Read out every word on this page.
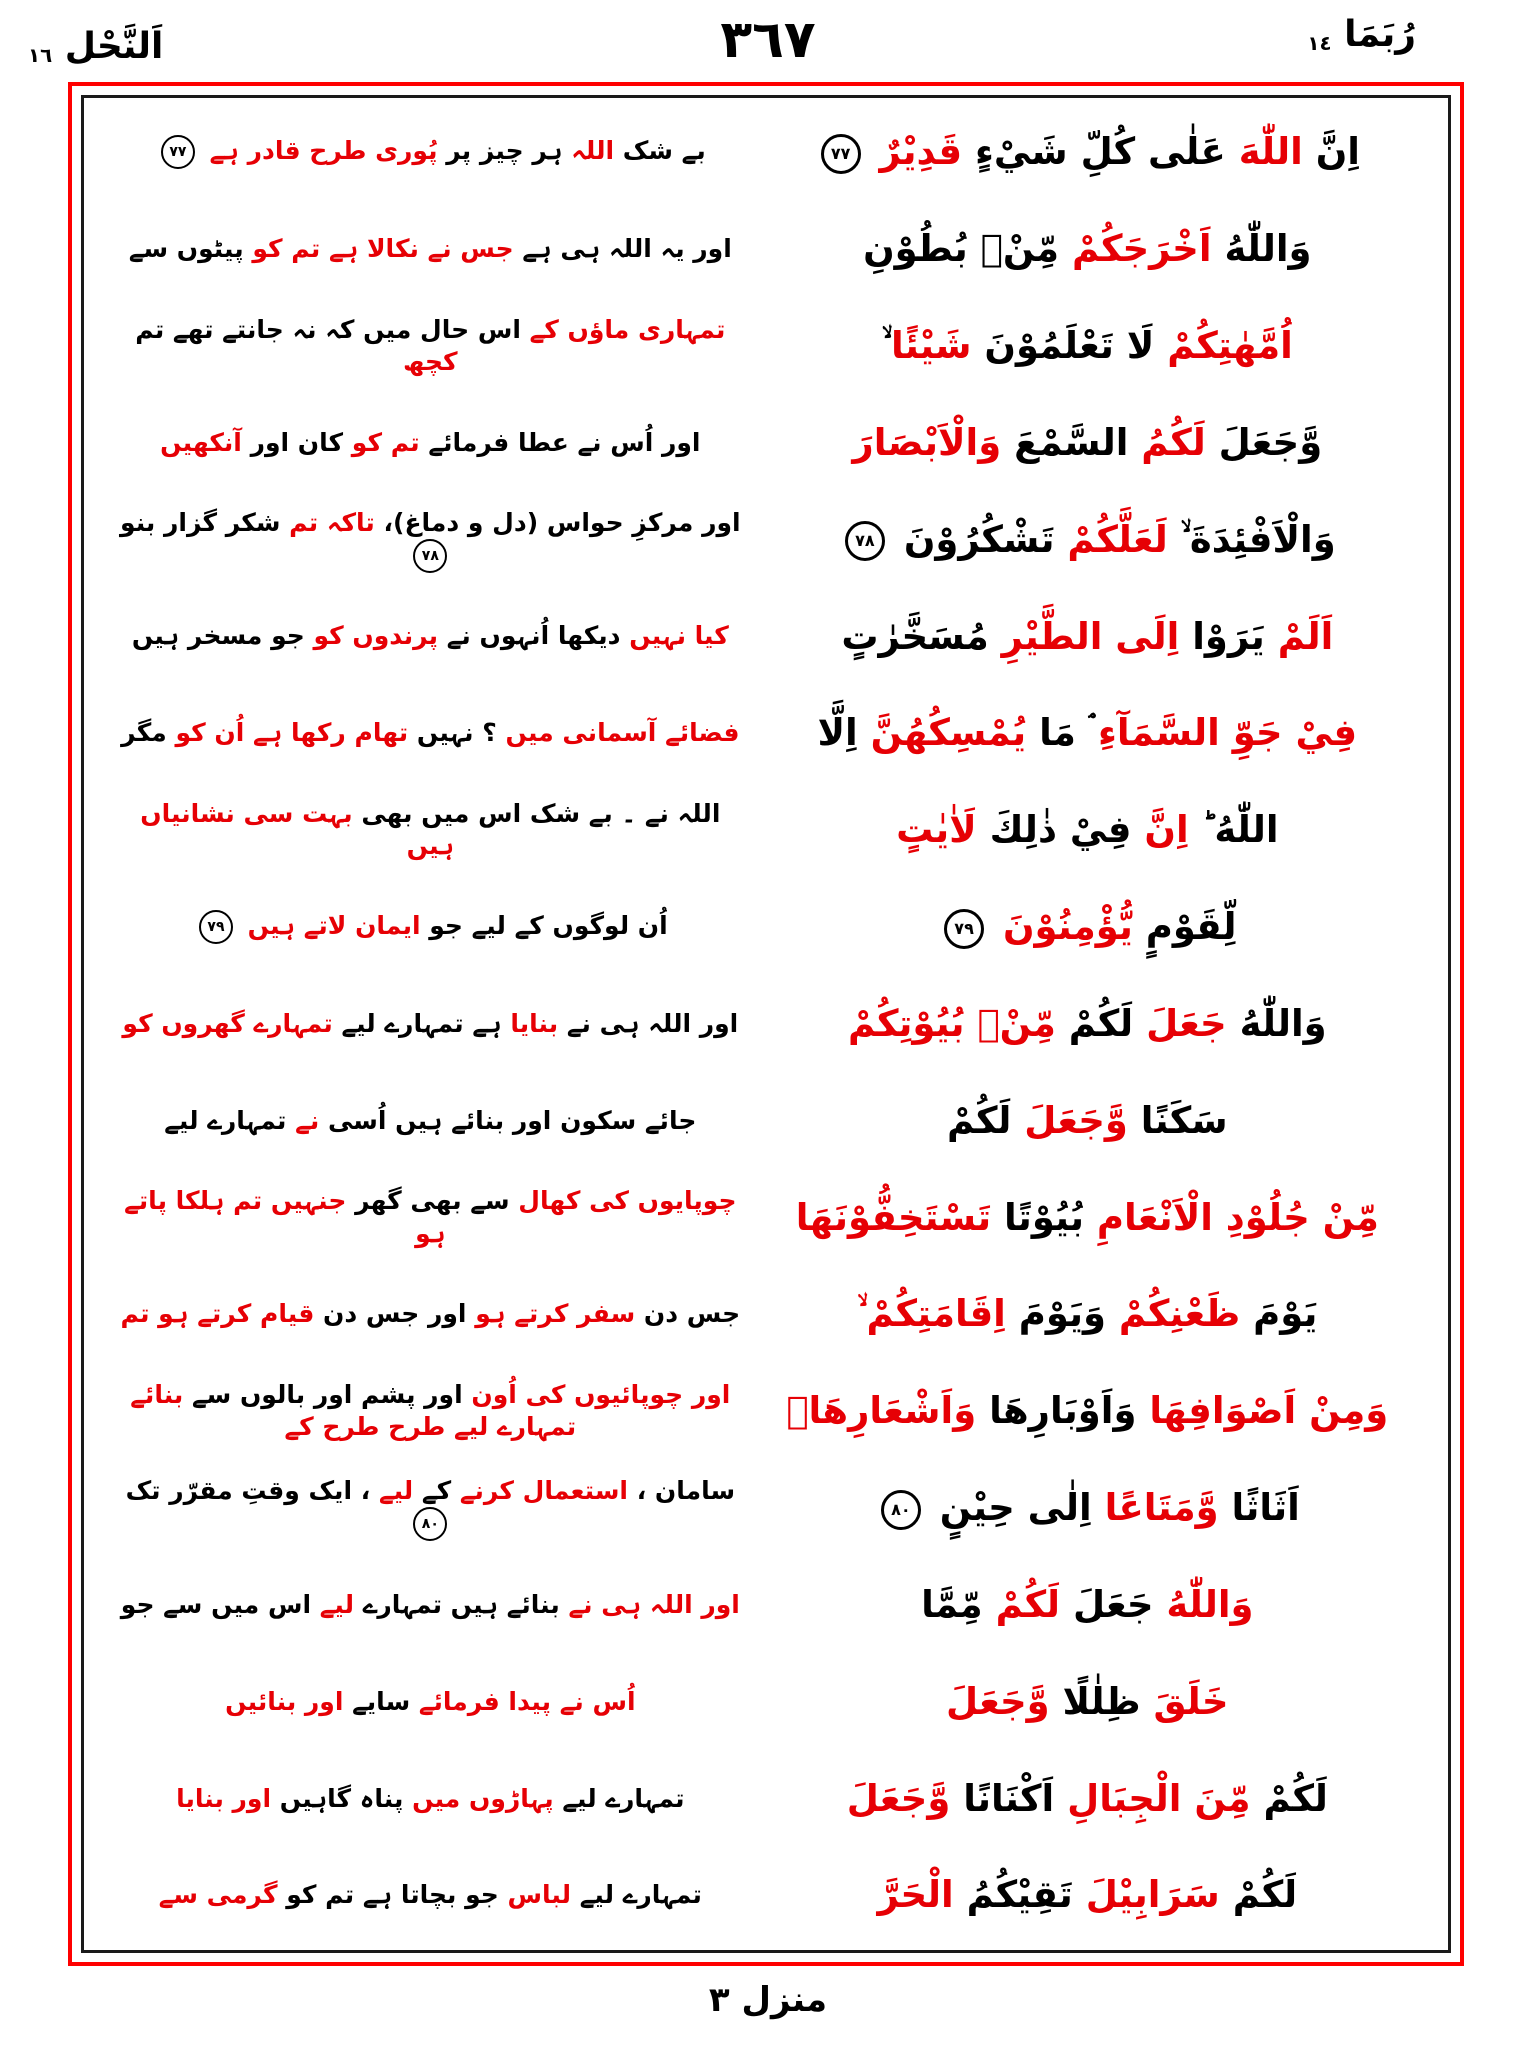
اَلنَّحْل ١٦	٣٦٧	رُبَمَا ١٤
اِنَّ اللّٰهَ عَلٰى كُلِّ شَيْءٍ قَدِيْرٌ ٧٧
بے شک اللہ ہر چیز پر پُوری طرح قادر ہے ٧٧
وَاللّٰهُ اَخْرَجَكُمْ مِّنْۢ بُطُوْنِ
اور یہ اللہ ہی ہے جس نے نکالا ہے تم کو پیٹوں سے
اُمَّهٰتِكُمْ لَا تَعْلَمُوْنَ شَيْئًا
تمہاری ماؤں کے اس حال میں کہ نہ جانتے تھے تم کچھ
وَّجَعَلَ لَكُمُ السَّمْعَ وَالْاَبْصَارَ
اور اُس نے عطا فرمائے تم کو کان اور آنکھیں
وَالْاَفْئِدَةَ ۙ لَعَلَّكُمْ تَشْكُرُوْنَ ٧٨
اور مرکزِ حواس (دل و دماغ)، تاکہ تم شکر گزار بنو ٧٨
اَلَمْ يَرَوْا اِلَى الطَّيْرِ مُسَخَّرٰتٍ
کیا نہیں دیکھا اُنہوں نے پرندوں کو جو مسخر ہیں
فِيْ جَوِّ السَّمَآءِ ۘ مَا يُمْسِكُهُنَّ اِلَّا
فضائے آسمانی میں ؟ نہیں تھام رکھا ہے اُن کو مگر
اللّٰهُ ؕ اِنَّ فِيْ ذٰلِكَ لَاٰيٰتٍ
اللہ نے ۔ بے شک اس میں بھی بہت سی نشانیاں ہیں
لِّقَوْمٍ يُّؤْمِنُوْنَ ٧٩
اُن لوگوں کے لیے جو ایمان لاتے ہیں ٧٩
وَاللّٰهُ جَعَلَ لَكُمْ مِّنْۢ بُيُوْتِكُمْ
اور اللہ ہی نے بنایا ہے تمہارے لیے تمہارے گھروں کو
سَكَنًا وَّجَعَلَ لَكُمْ
جائے سکون اور بنائے ہیں اُسی نے تمہارے لیے
مِّنْ جُلُوْدِ الْاَنْعَامِ بُيُوْتًا تَسْتَخِفُّوْنَهَا
چوپایوں کی کھال سے بھی گھر جنہیں تم ہلکا پاتے ہو
يَوْمَ ظَعْنِكُمْ وَيَوْمَ اِقَامَتِكُمْ ۙ
جس دن سفر کرتے ہو اور جس دن قیام کرتے ہو تم
وَمِنْ اَصْوَافِهَا وَاَوْبَارِهَا وَاَشْعَارِهَاۤ
اور چوپائیوں کی اُون اور پشم اور بالوں سے بنائے تمہارے لیے طرح طرح کے
اَثَاثًا وَّمَتَاعًا اِلٰى حِيْنٍ ٨٠
سامان ، استعمال کرنے کے لیے ، ایک وقتِ مقرّر تک ٨٠
وَاللّٰهُ جَعَلَ لَكُمْ مِّمَّا
اور اللہ ہی نے بنائے ہیں تمہارے لیے اس میں سے جو
خَلَقَ ظِلٰلًا وَّجَعَلَ
اُس نے پیدا فرمائے سایے اور بنائیں
لَكُمْ مِّنَ الْجِبَالِ اَكْنَانًا وَّجَعَلَ
تمہارے لیے پہاڑوں میں پناہ گاہیں اور بنایا
لَكُمْ سَرَابِيْلَ تَقِيْكُمُ الْحَرَّ
تمہارے لیے لباس جو بچاتا ہے تم کو گرمی سے
منزل ٣
